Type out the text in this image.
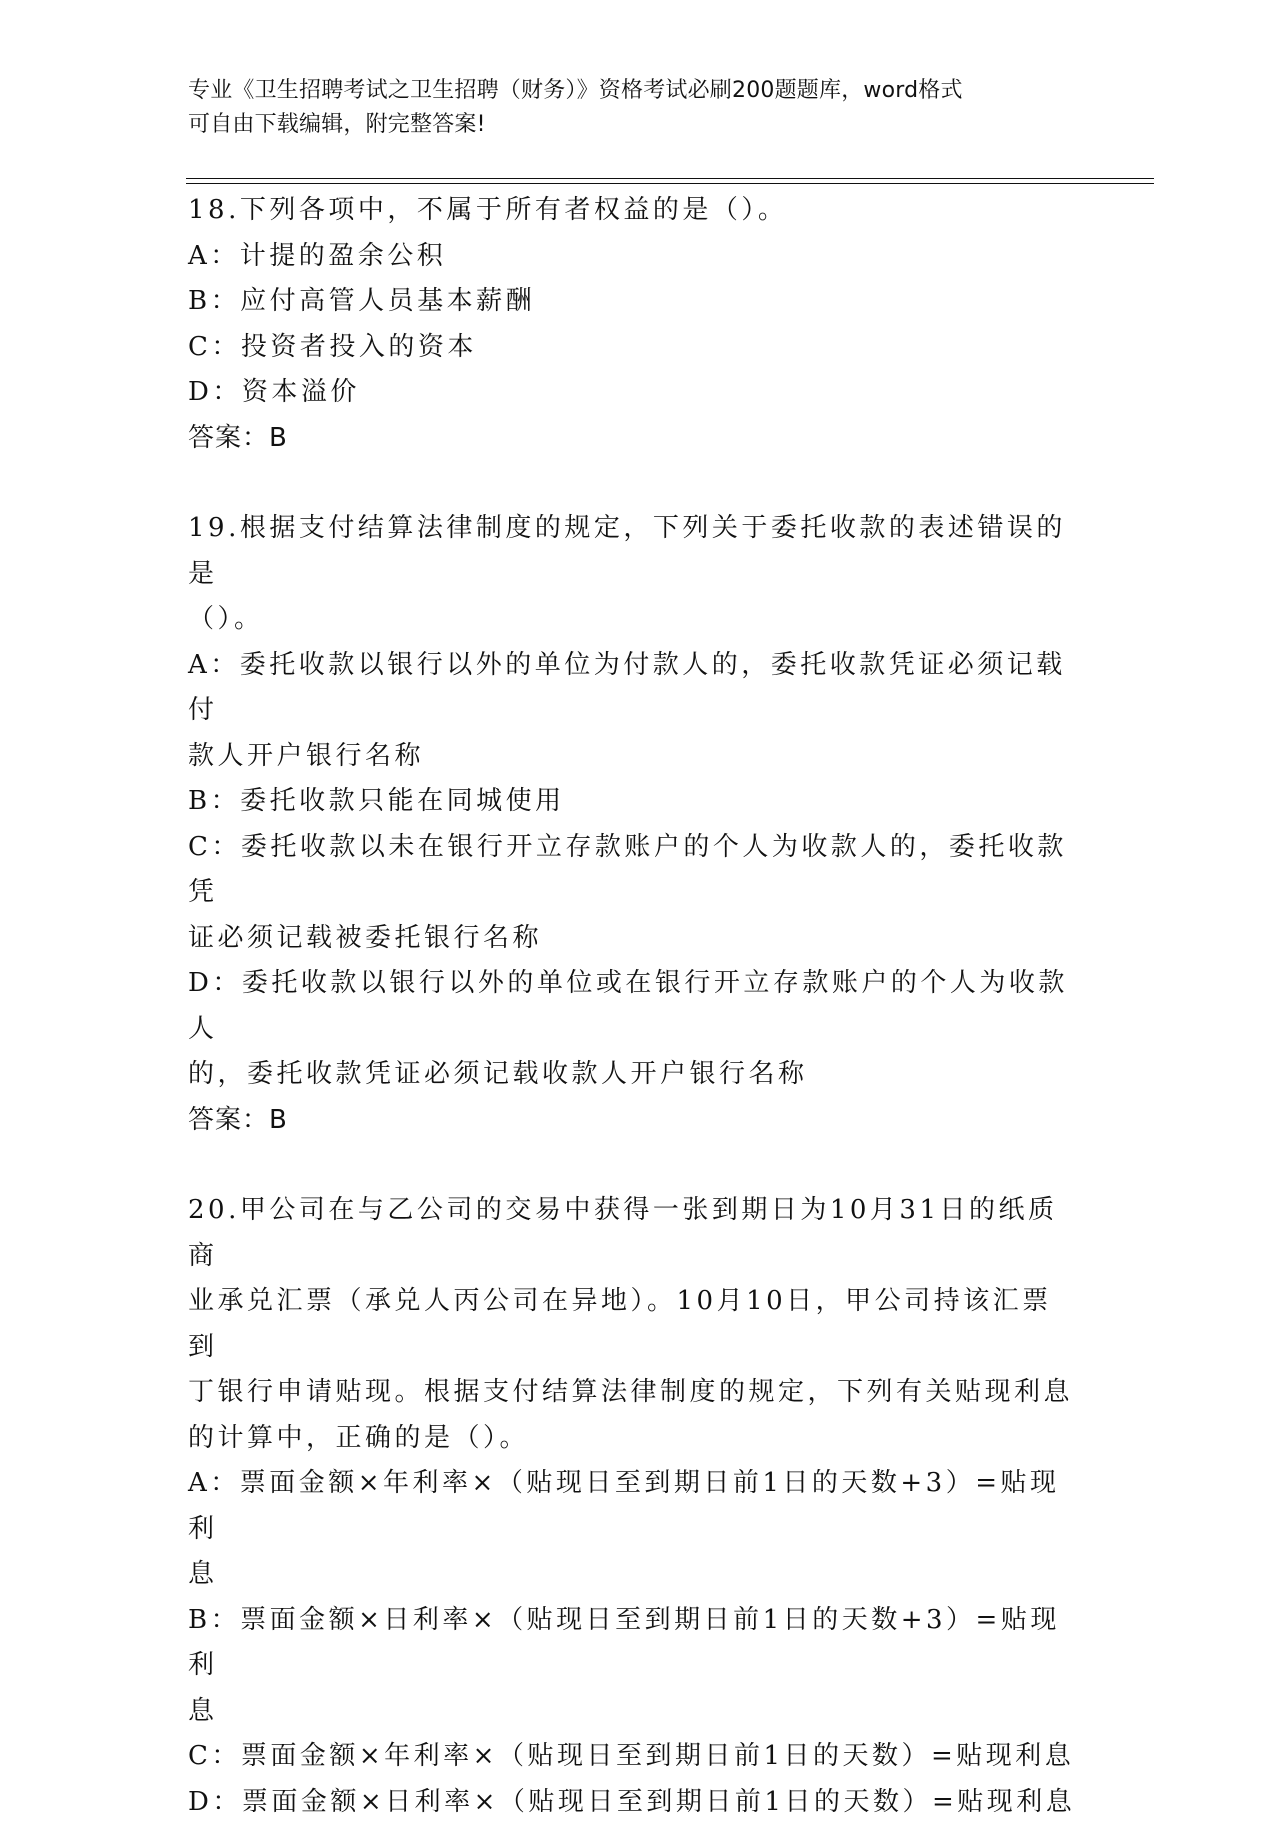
专业《卫生招聘考试之卫生招聘（财务）》资格考试必刷200题题库，word格式
可自由下载编辑，附完整答案!
18.下列各项中，不属于所有者权益的是（）。
A：计提的盈余公积
B：应付高管人员基本薪酬
C：投资者投入的资本
D：资本溢价
答案：B
19.根据支付结算法律制度的规定，下列关于委托收款的表述错误的是
（）。
A：委托收款以银行以外的单位为付款人的，委托收款凭证必须记载付
款人开户银行名称
B：委托收款只能在同城使用
C：委托收款以未在银行开立存款账户的个人为收款人的，委托收款凭
证必须记载被委托银行名称
D：委托收款以银行以外的单位或在银行开立存款账户的个人为收款人
的，委托收款凭证必须记载收款人开户银行名称
答案：B
20.甲公司在与乙公司的交易中获得一张到期日为10月31日的纸质商
业承兑汇票（承兑人丙公司在异地）。10月10日，甲公司持该汇票到
丁银行申请贴现。根据支付结算法律制度的规定，下列有关贴现利息
的计算中，正确的是（）。
A：票面金额×年利率×（贴现日至到期日前1日的天数+3）=贴现利
息
B：票面金额×日利率×（贴现日至到期日前1日的天数+3）=贴现利
息
C：票面金额×年利率×（贴现日至到期日前1日的天数）=贴现利息
D：票面金额×日利率×（贴现日至到期日前1日的天数）=贴现利息
